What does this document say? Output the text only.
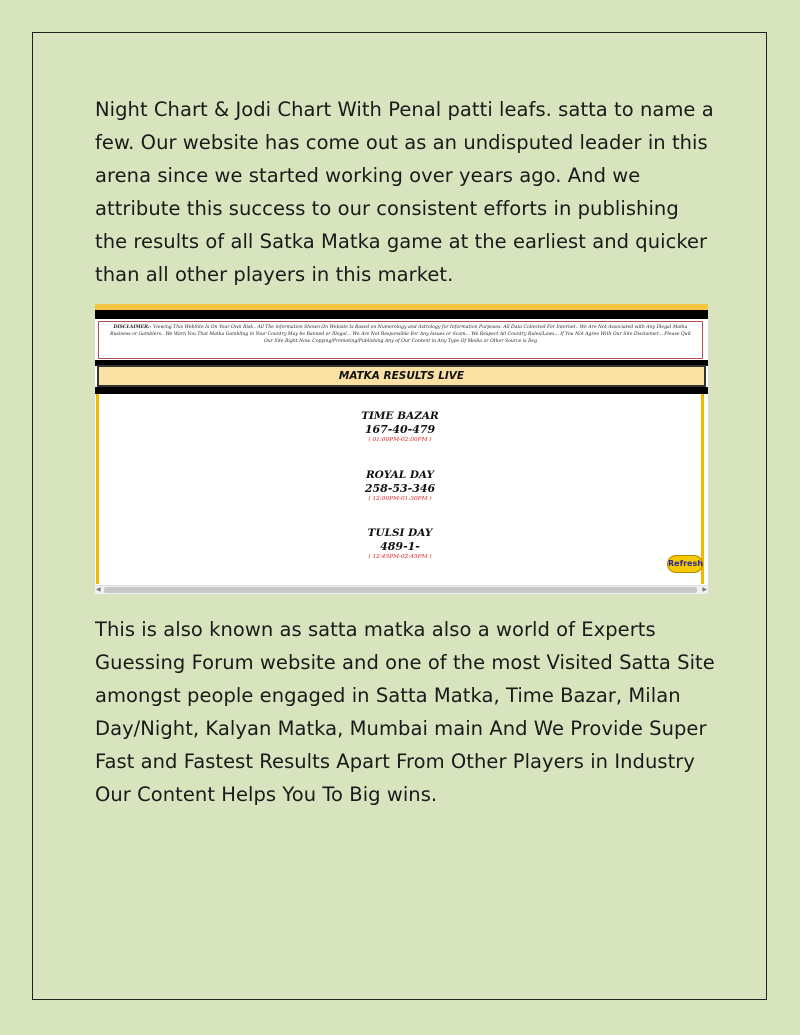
Night Chart & Jodi Chart With Penal patti leafs. satta to name a few. Our website has come out as an undisputed leader in this arena since we started working over years ago. And we attribute this success to our consistent efforts in publishing the results of all Satka Matka game at the earliest and quicker than all other players in this market.

DISCLAIMER:- Viewing This WebSite Is On Your Own Risk.. All The information Shown On Website Is Based on Numerology and Astrology for Information Purposes. All Data Collected For Internet.. We Are Not Associated with Any Illegal Matka Business or Gamblers.. We Warn You That Matka Gambling in Your Country May be Banned or Illegal... We Are Not Responsible For Any Issues or Scam... We Respect All Country Rules/Laws... If You Not Agree With Our Site Disclaimer... Please Quit Our Site Right Now. Copying/Promoting/Publishing Any of Our Content in Any Type Of Media or Other Source is Ileg
MATKA RESULTS LIVE
TIME BAZAR
167-40-479
( 01:00PM-02:00PM )
ROYAL DAY
258-53-346
( 12:00PM-01:30PM )
TULSI DAY
489-1-
( 12:45PM-02:45PM )
Refresh
◀	▶

This is also known as satta matka also a world of Experts Guessing Forum website and one of the most Visited Satta Site amongst people engaged in Satta Matka, Time Bazar, Milan Day/Night, Kalyan Matka, Mumbai main And We Provide Super Fast and Fastest Results Apart From Other Players in Industry Our Content Helps You To Big wins.
